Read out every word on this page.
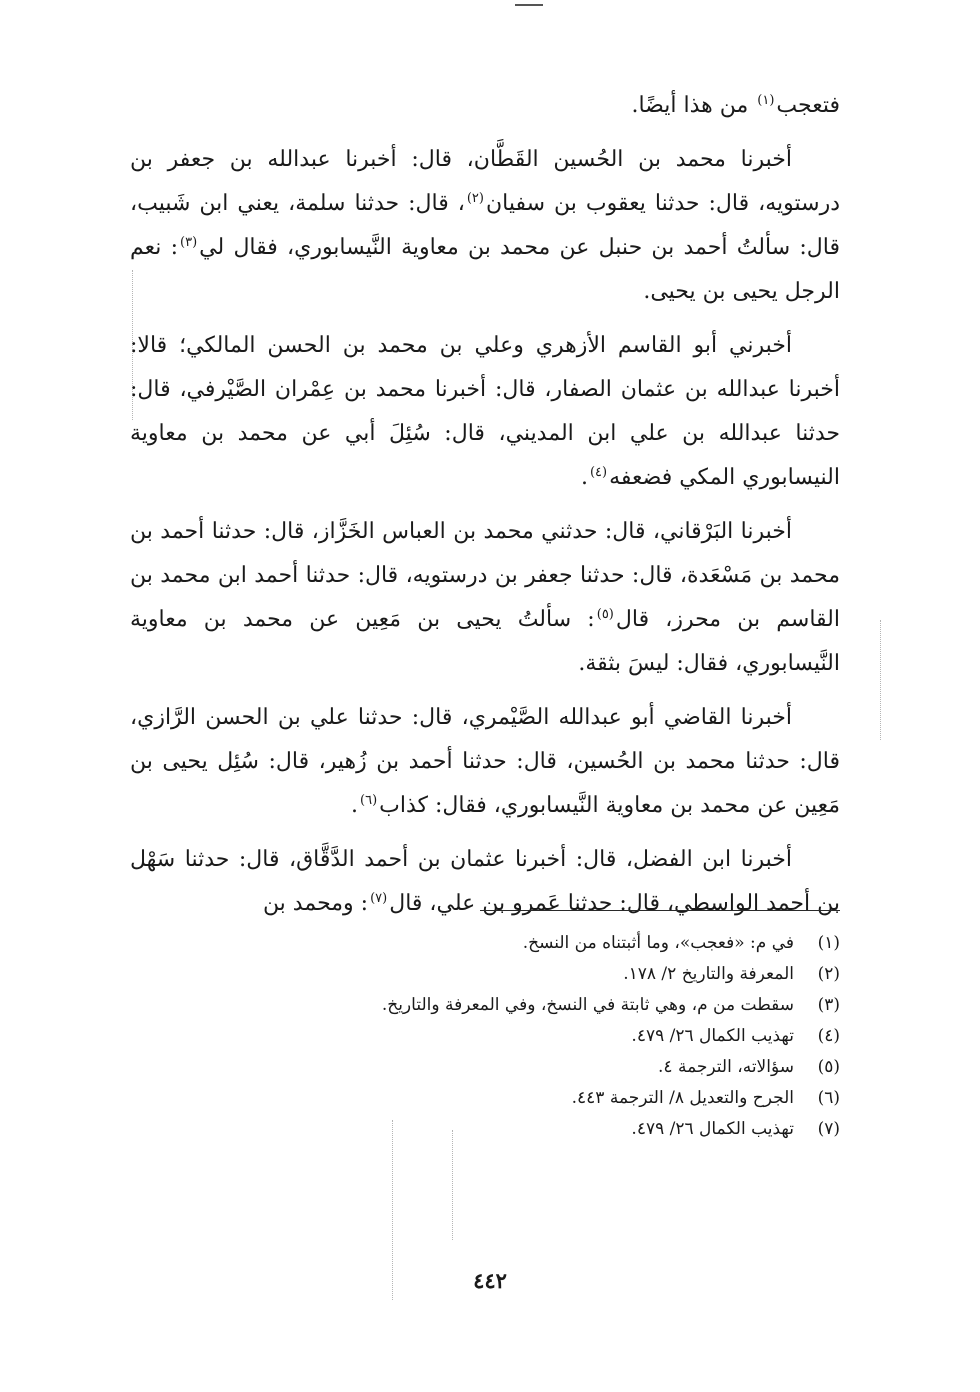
فتعجب$^{(١)}$ من هذا أيضًا.

أخبرنا محمد بن الحُسين القَطَّان، قال: أخبرنا عبدالله بن جعفر بن درستويه، قال: حدثنا يعقوب بن سفيان$^{(٢)}$، قال: حدثنا سلمة، يعني ابن شَبيب، قال: سألتُ أحمد بن حنبل عن محمد بن معاوية النَّيسابوري، فقال لي$^{(٣)}$: نعم الرجل يحيى بن يحيى.

أخبرني أبو القاسم الأزهري وعلي بن محمد بن الحسن المالكي؛ قالا: أخبرنا عبدالله بن عثمان الصفار، قال: أخبرنا محمد بن عِمْران الصَّيْرفي، قال: حدثنا عبدالله بن علي ابن المديني، قال: سُئِلَ أبي عن محمد بن معاوية النيسابوري المكي فضعفه$^{(٤)}$.

أخبرنا البَرْقاني، قال: حدثني محمد بن العباس الخَزَّاز، قال: حدثنا أحمد بن محمد بن مَسْعَدة، قال: حدثنا جعفر بن درستويه، قال: حدثنا أحمد ابن محمد بن القاسم بن محرز، قال$^{(٥)}$: سألتُ يحيى بن مَعِين عن محمد بن معاوية النَّيسابوري، فقال: ليسَ بثقة.

أخبرنا القاضي أبو عبدالله الصَّيْمري، قال: حدثنا علي بن الحسن الرَّازي، قال: حدثنا محمد بن الحُسين، قال: حدثنا أحمد بن زُهير، قال: سُئِل يحيى بن مَعِين عن محمد بن معاوية النَّيسابوري، فقال: كذاب$^{(٦)}$.

أخبرنا ابن الفضل، قال: أخبرنا عثمان بن أحمد الدَّقَّاق، قال: حدثنا سَهْل بن أحمد الواسطي، قال: حدثنا عَمرو بن علي، قال$^{(٧)}$: ومحمد بن

(١)
في م: «فعجب»، وما أثبتناه من النسخ.
(٢)
المعرفة والتاريخ ٢/ ١٧٨.
(٣)
سقطت من م، وهي ثابتة في النسخ، وفي المعرفة والتاريخ.
(٤)
تهذيب الكمال ٢٦/ ٤٧٩.
(٥)
سؤالاته، الترجمة ٤.
(٦)
الجرح والتعديل ٨/ الترجمة ٤٤٣.
(٧)
تهذيب الكمال ٢٦/ ٤٧٩.
٤٤٢
